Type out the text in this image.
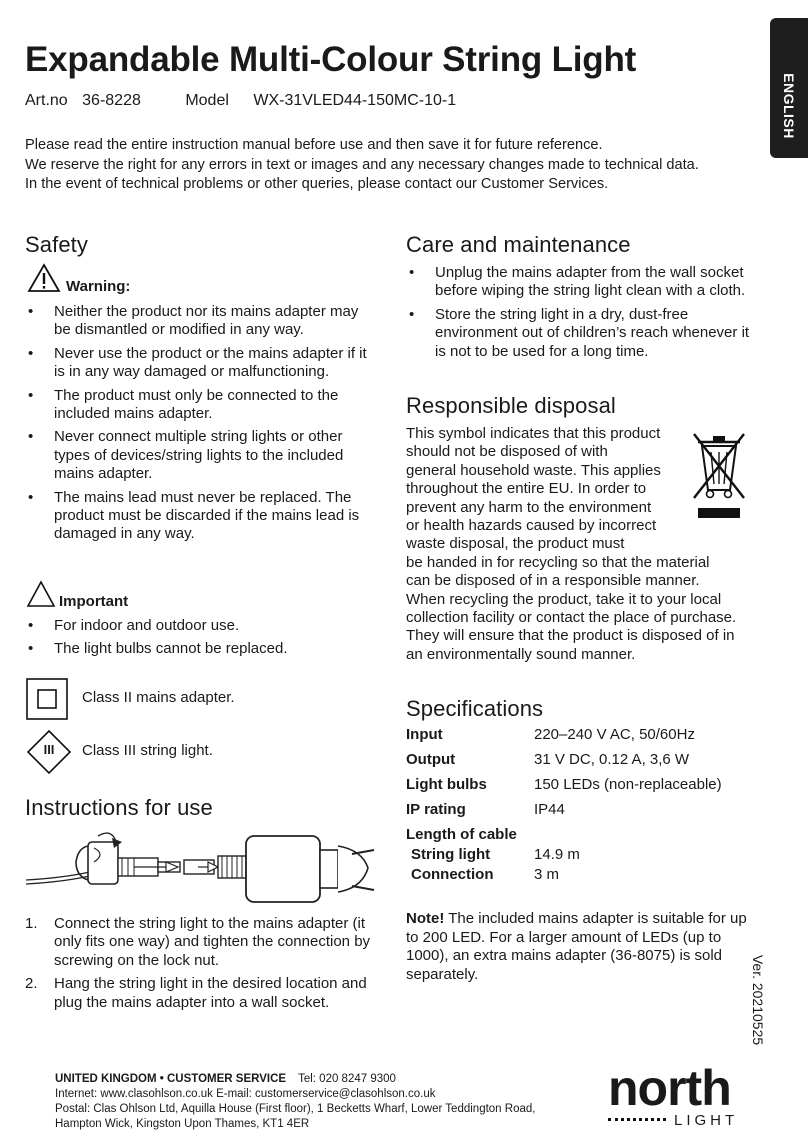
Expandable Multi-Colour String Light
Art.no 36-8228	Model WX-31VLED44-150MC-10-1	ENGLISH
Please read the entire instruction manual before use and then save it for future reference.
We reserve the right for any errors in text or images and any necessary changes made to technical data.
In the event of technical problems or other queries, please contact our Customer Services.
Safety
Warning:
• Neither the product nor its mains adapter may be dismantled or modified in any way.
• Never use the product or the mains adapter if it is in any way damaged or malfunctioning.
• The product must only be connected to the included mains adapter.
• Never connect multiple string lights or other types of devices/string lights to the included mains adapter.
• The mains lead must never be replaced. The product must be discarded if the mains lead is damaged in any way.
Important
• For indoor and outdoor use.
• The light bulbs cannot be replaced.
Class II mains adapter.
III	Class III string light.
Instructions for use
1. Connect the string light to the mains adapter (it only fits one way) and tighten the connection by screwing on the lock nut.
2. Hang the string light in the desired location and plug the mains adapter into a wall socket.
Care and maintenance
• Unplug the mains adapter from the wall socket before wiping the string light clean with a cloth.
• Store the string light in a dry, dust-free environment out of children’s reach whenever it is not to be used for a long time.
Responsible disposal
This symbol indicates that this product
should not be disposed of with
general household waste. This applies
throughout the entire EU. In order to
prevent any harm to the environment
or health hazards caused by incorrect
waste disposal, the product must
be handed in for recycling so that the material
can be disposed of in a responsible manner.
When recycling the product, take it to your local
collection facility or contact the place of purchase.
They will ensure that the product is disposed of in
an environmentally sound manner.
Specifications
Input	220–240 V AC, 50/60Hz
Output	31 V DC, 0.12 A, 3,6 W
Light bulbs	150 LEDs (non-replaceable)
IP rating	IP44
Length of cable
String light	14.9 m
Connection	3 m
Note! The included mains adapter is suitable for up to 200 LED. For a larger amount of LEDs (up to 1000), an extra mains adapter (36-8075) is sold separately.	Ver. 20210525
UNITED KINGDOM • CUSTOMER SERVICE Tel: 020 8247 9300
Internet: www.clasohlson.co.uk E-mail: customerservice@clasohlson.co.uk
Postal: Clas Ohlson Ltd, Aquilla House (First floor), 1 Becketts Wharf, Lower Teddington Road,
Hampton Wick, Kingston Upon Thames, KT1 4ER
north
LIGHT
